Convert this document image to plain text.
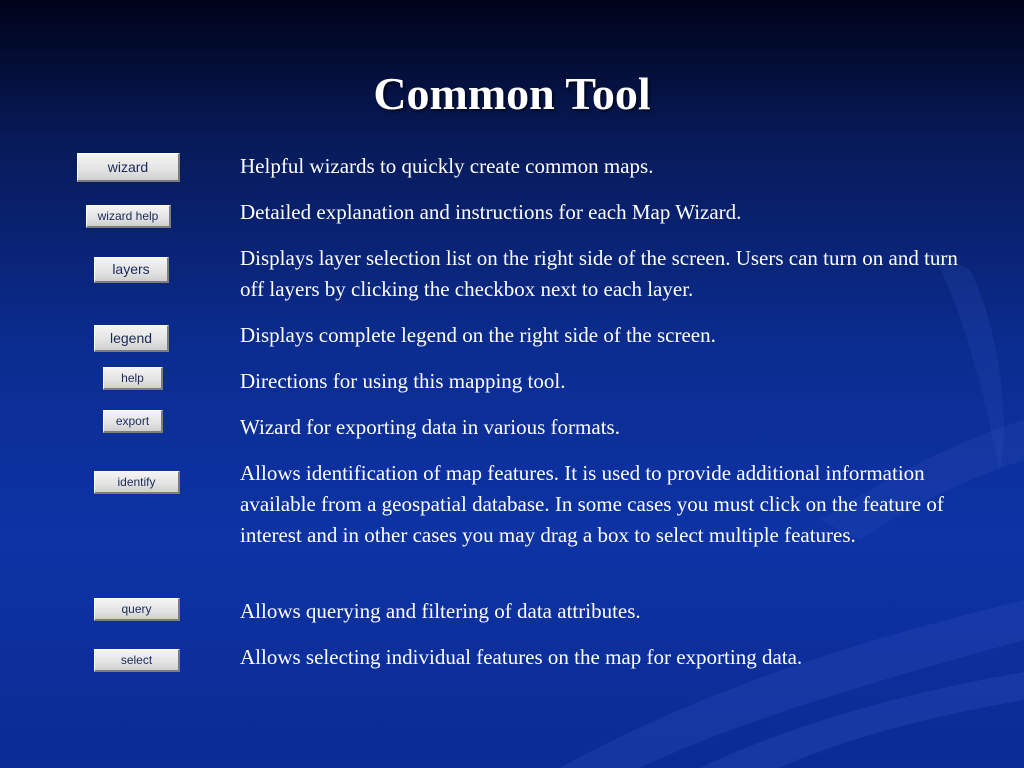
Common Tool
wizard
wizard help
layers
legend
help
export
identify
query
select
Helpful wizards to quickly create common maps.
Detailed explanation and instructions for each Map Wizard.
Displays layer selection list on the right side of the screen. Users can turn on and turn off layers by clicking the checkbox next to each layer.
Displays complete legend on the right side of the screen.
Directions for using this mapping tool.
Wizard for exporting data in various formats.
Allows identification of map features. It is used to provide additional information available from a geospatial database. In some cases you must click on the feature of interest and in other cases you may drag a box to select multiple features.
Allows querying and filtering of data attributes.
Allows selecting individual features on the map for exporting data.
